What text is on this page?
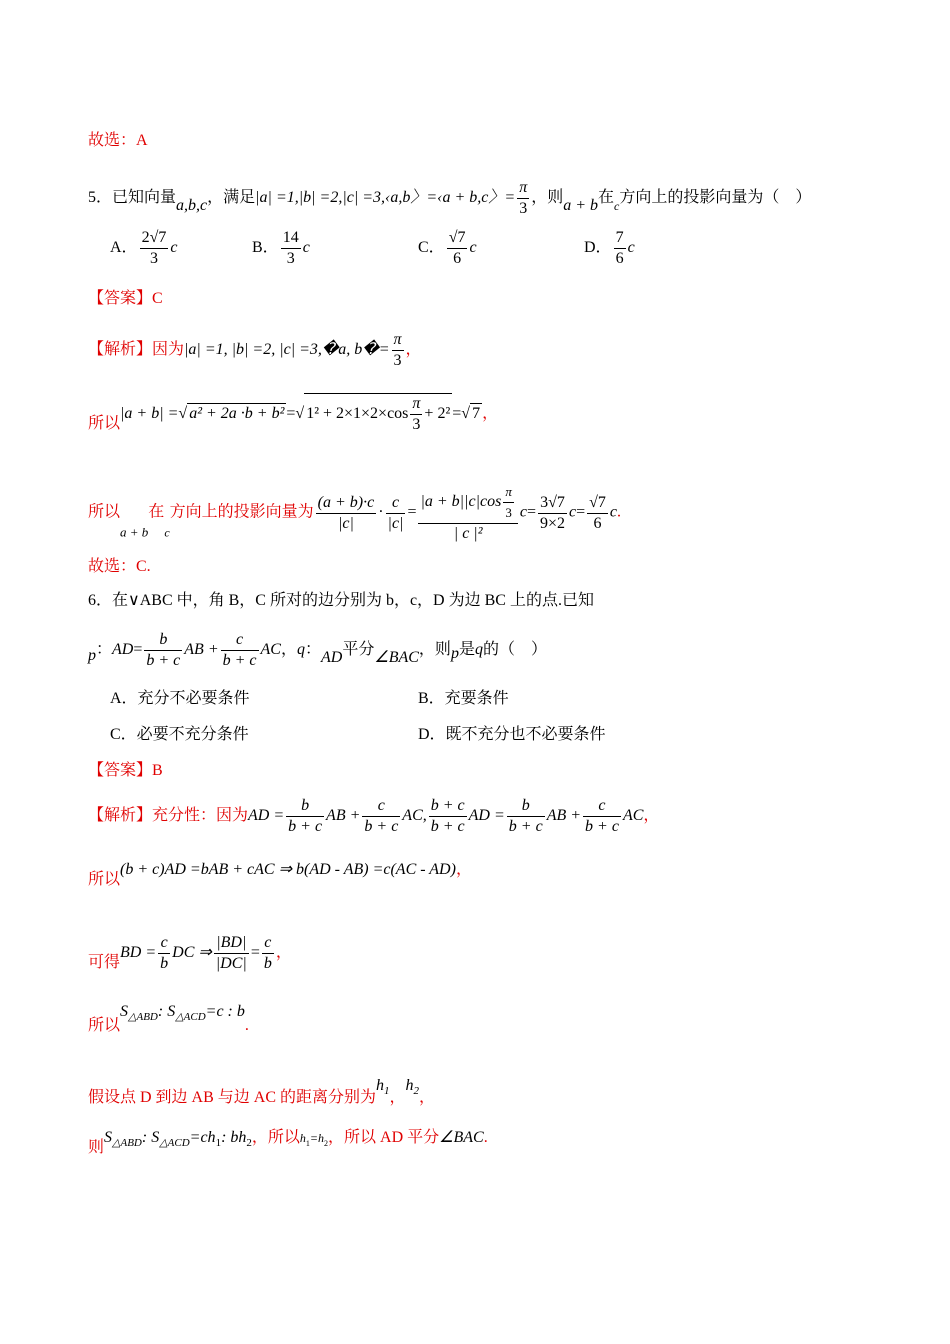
故选：A
5．已知向量a,b,c，满足|a| =1,|b| =2,|c| =3,‹a,b〉=‹a + b,c〉= $\frac{\pi}{3}$ ，则a + b在$_c$方向上的投影向量为（　）
A． $\frac{2√7}{3}$ c	B． $\frac{14}{3}$ c	C． $\frac{√7}{6}$ c	D． $\frac{7}{6}$ c
【答案】C
【解析】因为|a| =1, |b| =2, |c| =3,�a, b�= $\frac{\pi}{3}$ ，
所以|a + b| =√ a² + 2a ·b + b² =√ $1^2 + 2\times 1\times 2\times\cos \frac{\pi}{3} + 2^2$ =√ 7 ，
所以$_{a + b}$在$_c$方向上的投影向量为 $\frac{(a + b)\cdot c}{|c|} \cdot \frac{c}{|c|} = \frac{|a + b||c|\cos \frac{\pi}{3}}{\text{| c |²}} c= \frac{3√7}{9\times 2} c= \frac{√7}{6} c$.
故选：C.
6．在∨ABC 中，角 B，C 所对的边分别为 b，c，D 为边 BC 上的点.已知
p：$AD= \frac{b}{b + c}$ AB + $\frac{c}{b + c}$ AC，q：AD平分∠BAC，则p是q的（　）
A．充分不必要条件	B．充要条件
C．必要不充分条件	D．既不充分也不必要条件
【答案】B
【解析】充分性：因为AD = $\frac{b}{b + c}$ AB + $\frac{c}{b + c}$ AC, $\frac{b + c}{b + c}$ AD = $\frac{b}{b + c}$ AB + $\frac{c}{b + c}$ AC，
所以(b + c)AD =bAB + cAC ⇒ b(AD - AB) =c(AC - AD)，
可得BD = $\frac{c}{b}$ DC ⇒ $\frac{|BD|}{|DC|} = \frac{c}{b}$ ，
所以$S_{\triangle ABD}$: $S_{\triangle ACD}=c$ : b.
假设点 D 到边 AB 与边 AC 的距离分别为$h_1$，$h_2$，
则$S_{\triangle ABD}$: $S_{\triangle ACD}=ch_1$: $bh_2$，所以$h_1=h_2$，所以 AD 平分∠BAC.
